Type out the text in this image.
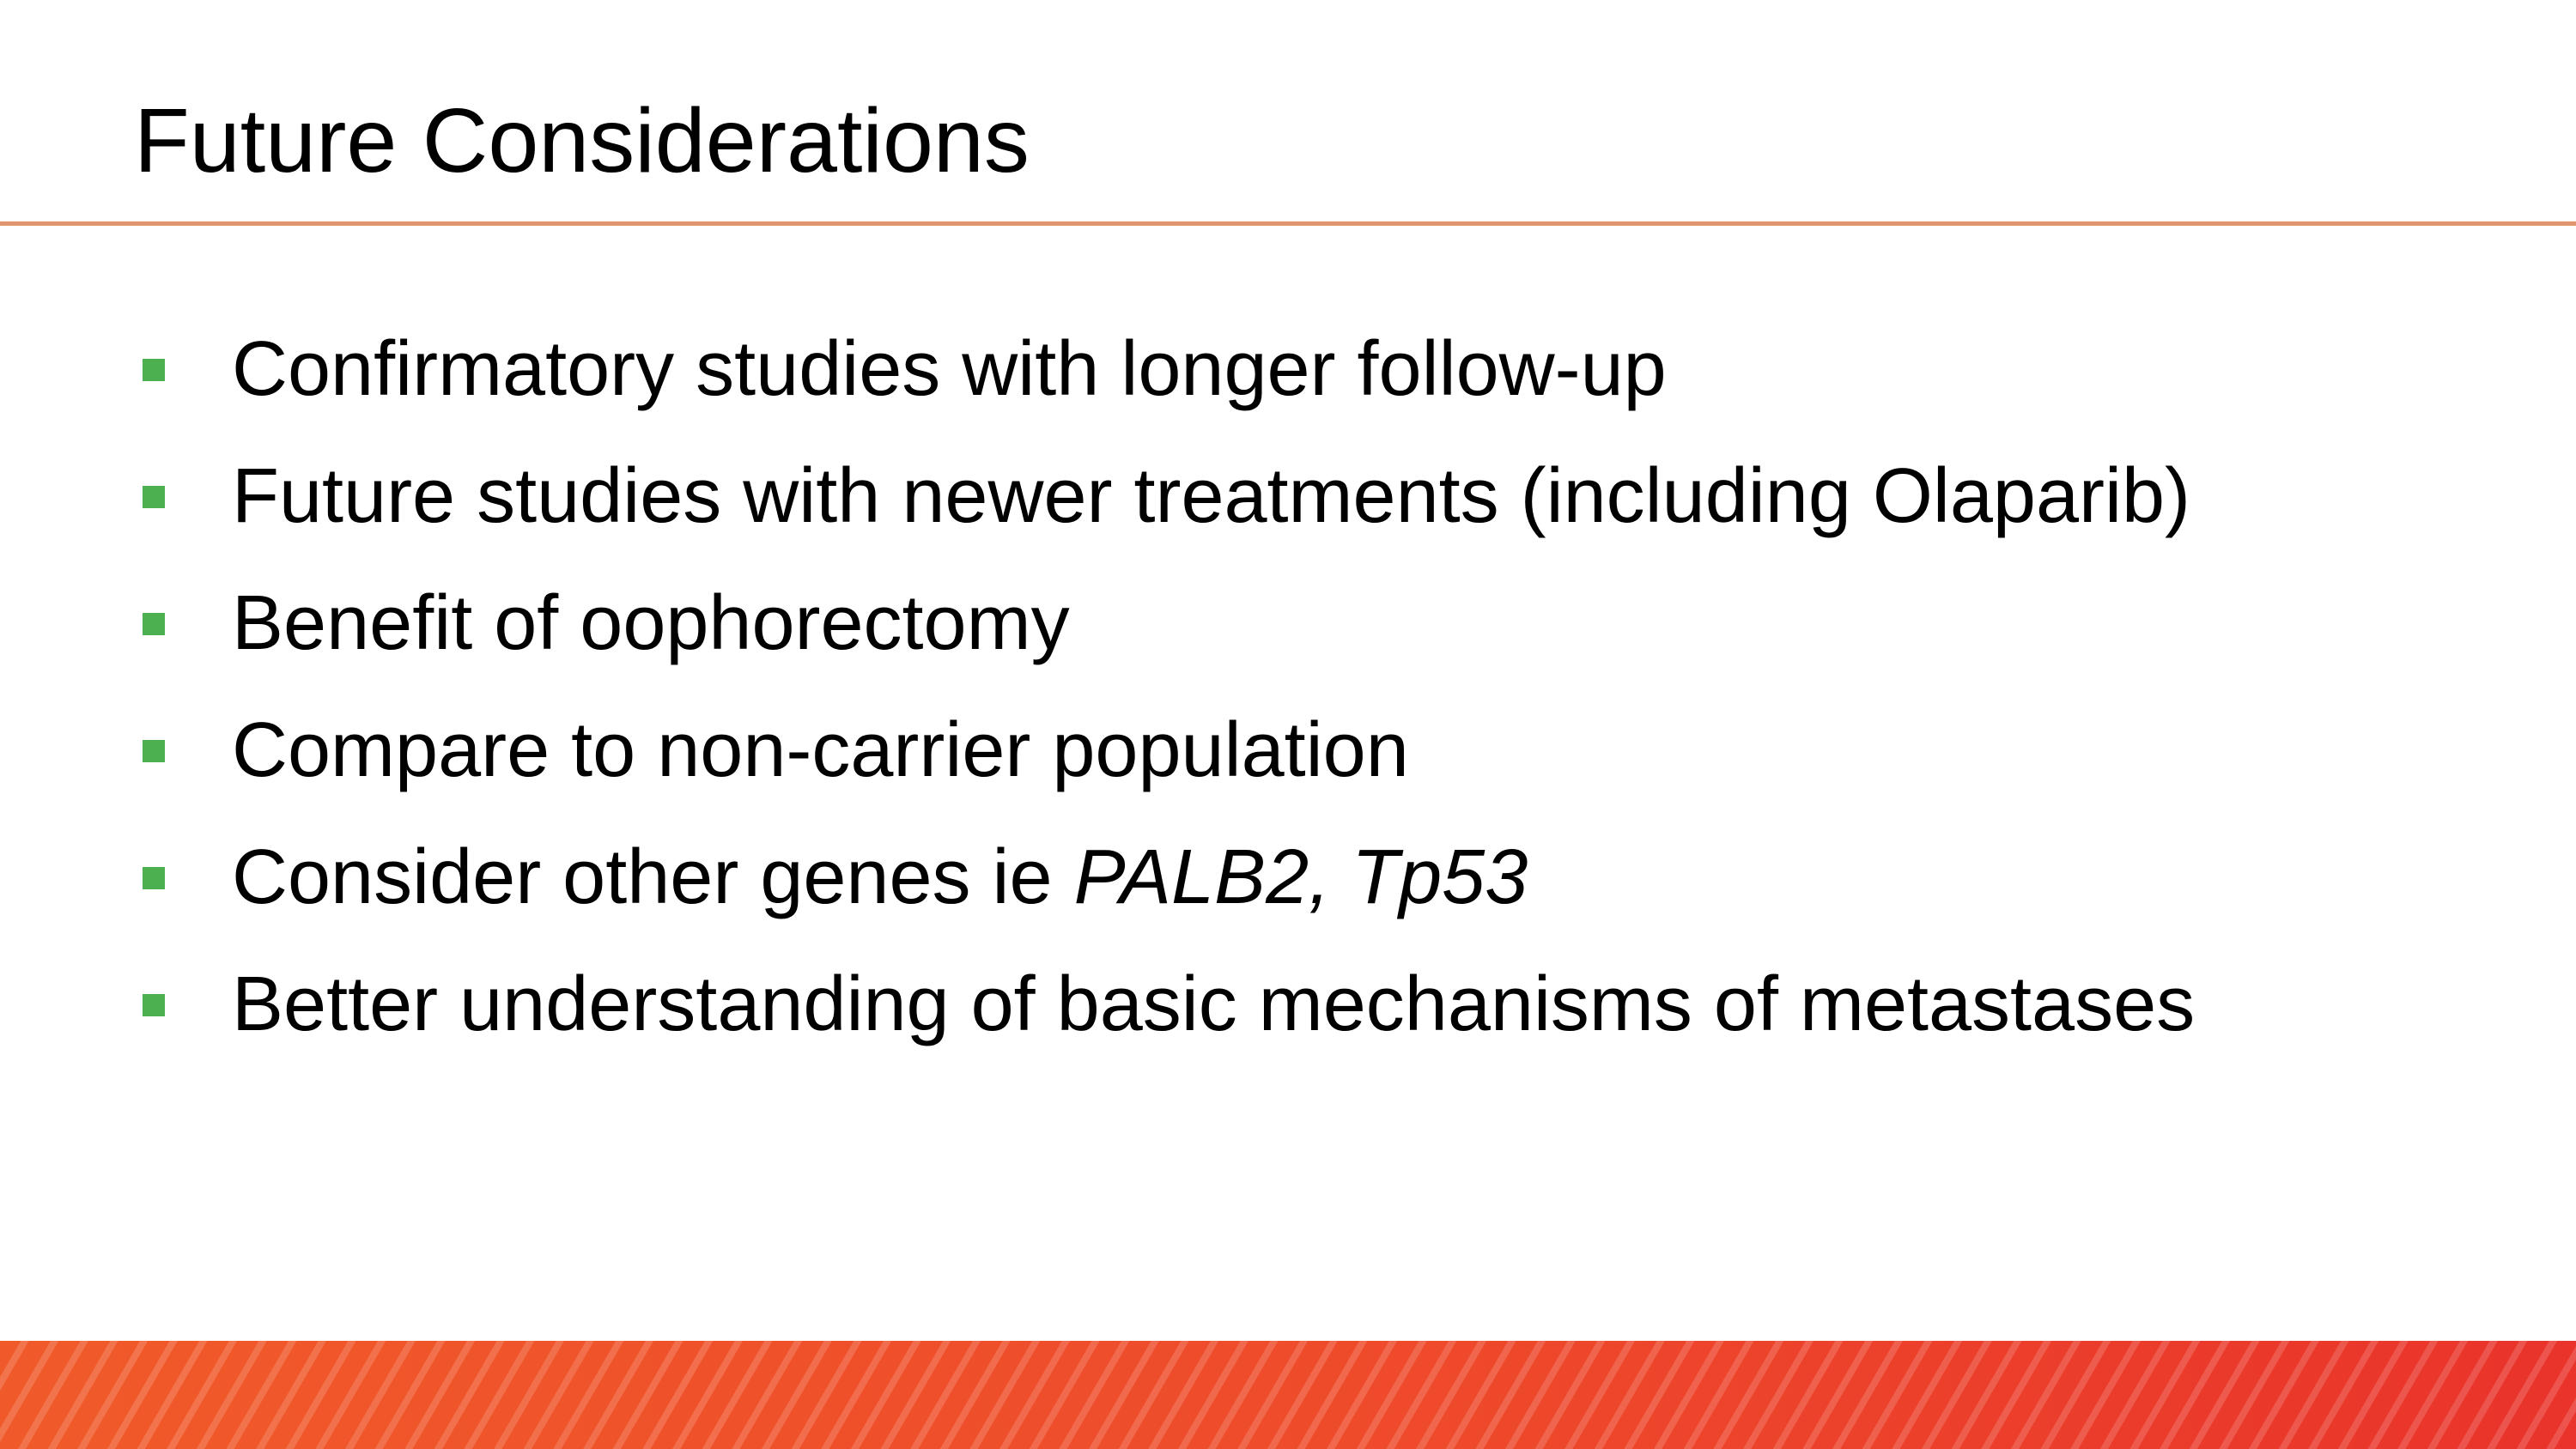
Future Considerations
Confirmatory studies with longer follow-up
Future studies with newer treatments (including Olaparib)
Benefit of oophorectomy
Compare to non-carrier population
Consider other genes ie PALB2, Tp53
Better understanding of basic mechanisms of metastases
